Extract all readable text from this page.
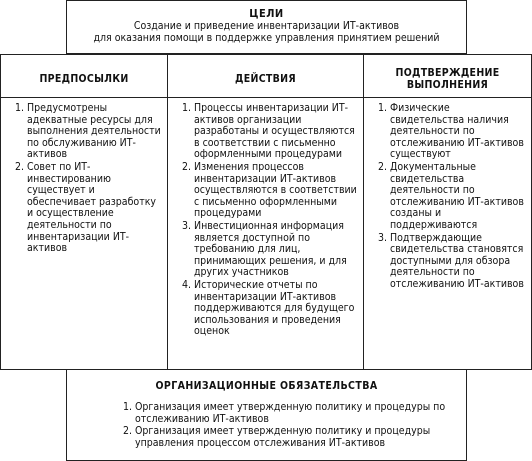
ЦЕЛИ
Создание и приведение инвентаризации ИТ-активов
для оказания помощи в поддержке управления принятием решений
ПРЕДПОСЫЛКИ
1. Предусмотрены адекватные ресурсы для выполнения деятельности по обслуживанию ИТ-активов
2. Совет по ИТ-инвестированию существует и обеспечивает разработку и осуществление деятельности по инвентаризации ИТ-активов
ДЕЙСТВИЯ
1. Процессы инвентаризации ИТ-активов организации разработаны и осуществляются в соответствии с письменно оформленными процедурами
2. Изменения процессов инвентаризации ИТ-активов осуществляются в соответствии с письменно оформленными процедурами
3. Инвестиционная информация является доступной по требованию для лиц, принимающих решения, и для других участников
4. Исторические отчеты по инвентаризации ИТ-активов поддерживаются для будущего использования и проведения оценок
ПОДТВЕРЖДЕНИЕ
ВЫПОЛНЕНИЯ
1. Физические свидетельства наличия деятельности по отслеживанию ИТ-активов существуют
2. Документальные свидетельства деятельности по отслеживанию ИТ-активов созданы и поддерживаются
3. Подтверждающие свидетельства становятся доступными для обзора деятельности по отслеживанию ИТ-активов
ОРГАНИЗАЦИОННЫЕ ОБЯЗАТЕЛЬСТВА
1. Организация имеет утвержденную политику и процедуры по отслеживанию ИТ-активов
2. Организация имеет утвержденную политику и процедуры управления процессом отслеживания ИТ-активов
